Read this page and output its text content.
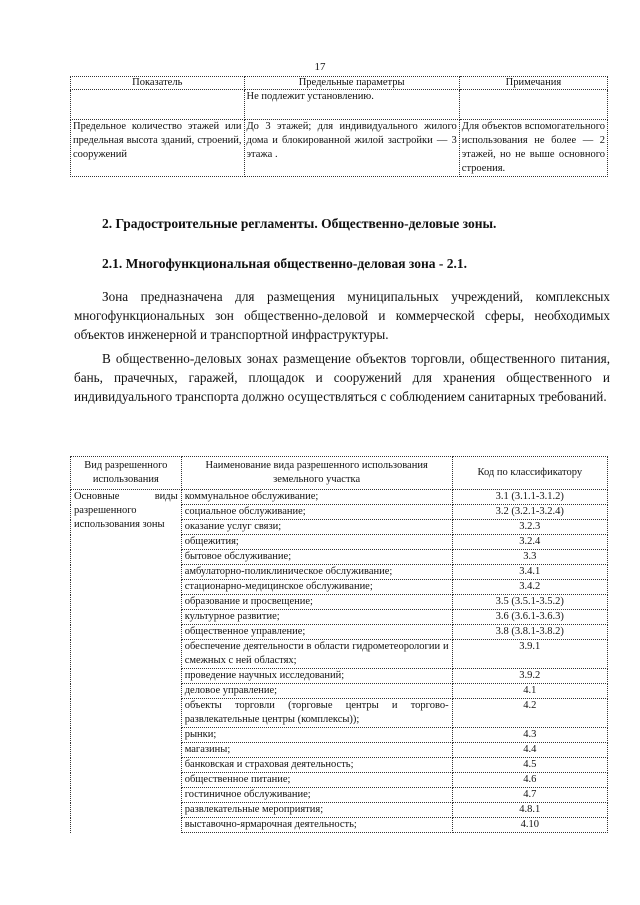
17
Показатель	Предельные параметры	Примечания
	Не подлежит установлению.	
Предельное количество этажей или предельная высота зданий, строений, сооружений	До 3 этажей; для индивидуального жилого дома и блокированной жилой застройки — 3 этажа .	Для объектов вспомогательного использования не более — 2 этажей, но не выше основного строения.
2. Градостроительные регламенты. Общественно-деловые зоны.
2.1. Многофункциональная общественно-деловая зона - 2.1.

Зона предназначена для размещения муниципальных учреждений, комплексных многофункциональных зон общественно-деловой и коммерческой сферы, необходимых объектов инженерной и транспортной инфраструктуры.

В общественно-деловых зонах размещение объектов торговли, общественного питания, бань, прачечных, гаражей, площадок и сооружений для хранения общественного и индивидуального транспорта должно осуществляться с соблюдением санитарных требований.

Вид разрешенного использования	Наименование вида разрешенного использования земельного участка	Код по классификатору
Основные виды разрешенного использования зоны	коммунальное обслуживание;	3.1 (3.1.1-3.1.2)
	социальное обслуживание;	3.2 (3.2.1-3.2.4)
	оказание услуг связи;	3.2.3
	общежития;	3.2.4
	бытовое обслуживание;	3.3
	амбулаторно-поликлиническое обслуживание;	3.4.1
	стационарно-медицинское обслуживание;	3.4.2
	образование и просвещение;	3.5 (3.5.1-3.5.2)
	культурное развитие;	3.6 (3.6.1-3.6.3)
	общественное управление;	3.8 (3.8.1-3.8.2)
	обеспечение деятельности в области гидрометеорологии и смежных с ней областях;	3.9.1
	проведение научных исследований;	3.9.2
	деловое управление;	4.1
	объекты торговли (торговые центры и торгово-развлекательные центры (комплексы));	4.2
	рынки;	4.3
	магазины;	4.4
	банковская и страховая деятельность;	4.5
	общественное питание;	4.6
	гостиничное обслуживание;	4.7
	развлекательные мероприятия;	4.8.1
	выставочно-ярмарочная деятельность;	4.10
